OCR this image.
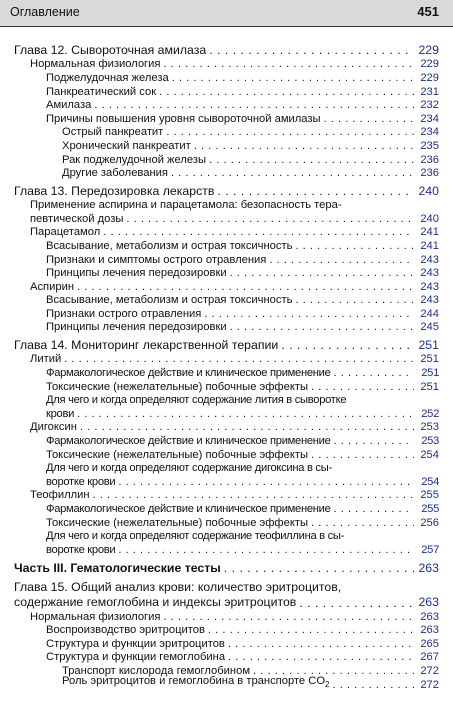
Оглавление	451
Глава 12. Сывороточная амилаза . . .	229
Нормальная физиология . . .	229
Поджелудочная железа . . .	229
Панкреатический сок . . .	231
Амилаза . . .	232
Причины повышения уровня сывороточной амилазы . . .	234
Острый панкреатит . . .	234
Хронический панкреатит . . .	235
Рак поджелудочной железы . . .	236
Другие заболевания . . .	236
Глава 13. Передозировка лекарств . . .	240
Применение аспирина и парацетамола: безопасность тера-
певтической дозы . . .	240
Парацетамол . . .	241
Всасывание, метаболизм и острая токсичность . . .	241
Признаки и симптомы острого отравления . . .	243
Принципы лечения передозировки . . .	243
Аспирин . . .	243
Всасывание, метаболизм и острая токсичность . . .	243
Признаки острого отравления . . .	244
Принципы лечения передозировки . . .	245
Глава 14. Мониторинг лекарственной терапии . . .	251
Литий . . .	251
Фармакологическое действие и клиническое применение . . .	251
Токсические (нежелательные) побочные эффекты . . .	251
Для чего и когда определяют содержание лития в сыворотке
крови . . .	252
Дигоксин . . .	253
Фармакологическое действие и клиническое применение . . .	253
Токсические (нежелательные) побочные эффекты . . .	254
Для чего и когда определяют содержание дигоксина в сы-
воротке крови . . .	254
Теофиллин . . .	255
Фармакологическое действие и клиническое применение . . .	255
Токсические (нежелательные) побочные эффекты . . .	256
Для чего и когда определяют содержание теофиллина в сы-
воротке крови . . .	257
Часть III. Гематологические тесты . . .	263
Глава 15. Общий анализ крови: количество эритроцитов,
содержание гемоглобина и индексы эритроцитов . . .	263
Нормальная физиология . . .	263
Воспроизводство эритроцитов . . .	263
Структура и функции эритроцитов . . .	265
Структура и функции гемоглобина . . .	267
Транспорт кислорода гемоглобином . . .	272
Роль эритроцитов и гемоглобина в транспорте $CO_2$ . . .	272
